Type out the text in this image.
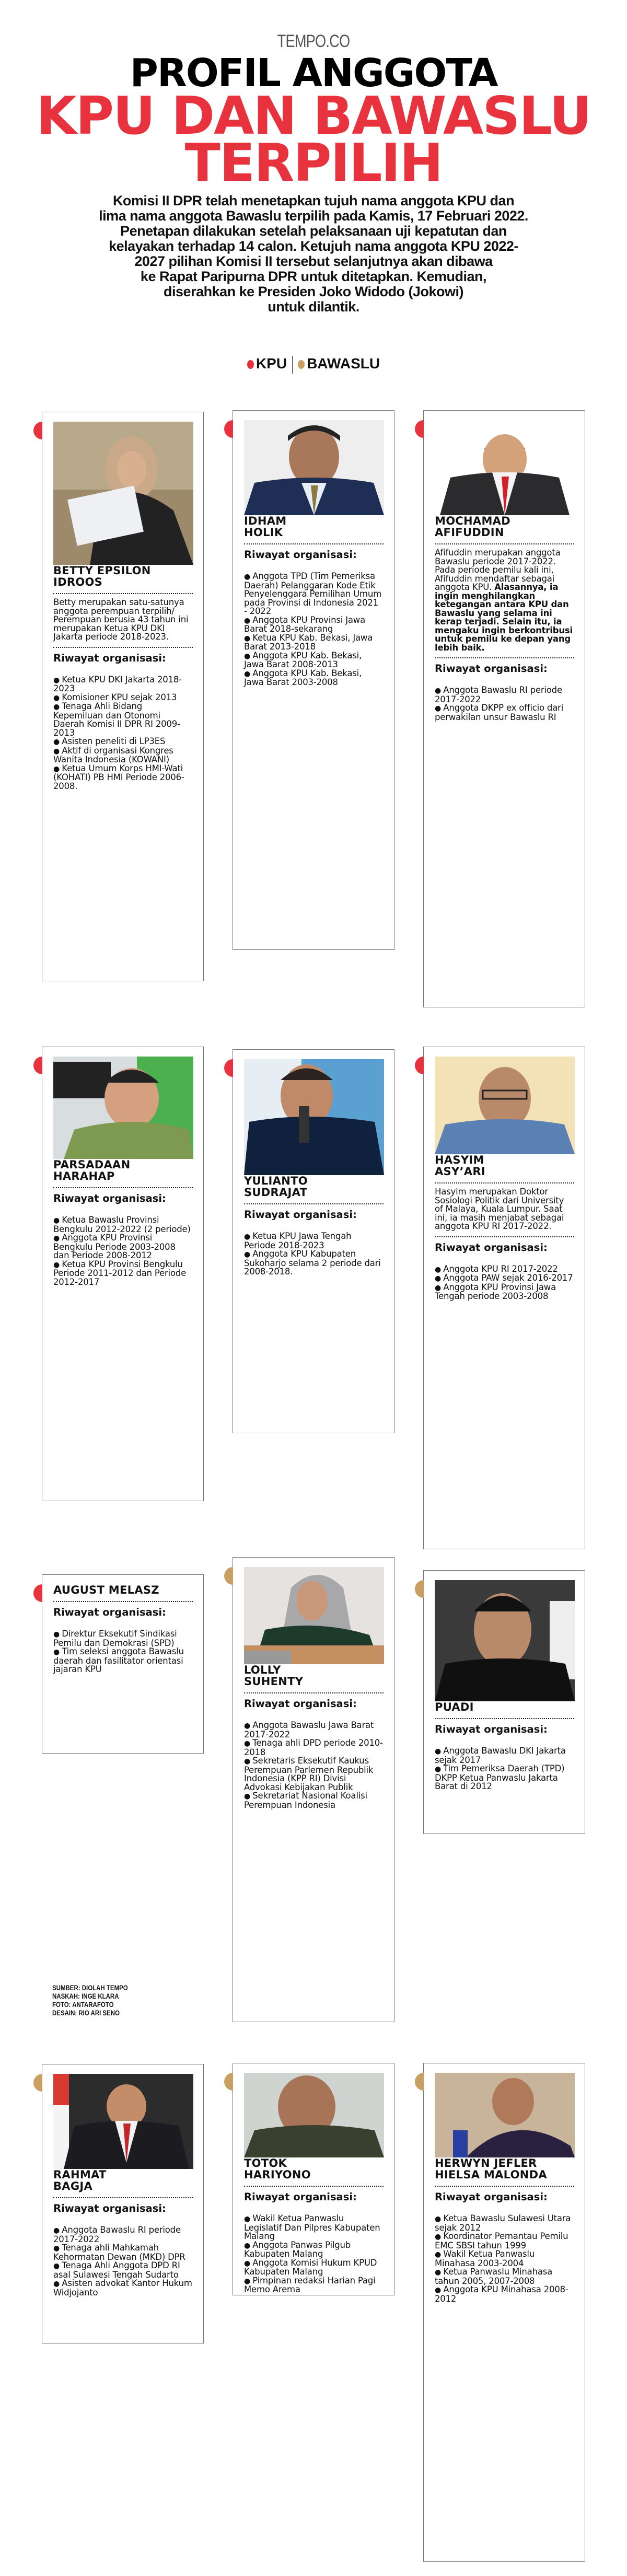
TEMPO.CO
PROFIL ANGGOTA
KPU DAN BAWASLU
TERPILIH
Komisi II DPR telah menetapkan tujuh nama anggota KPU dan
lima nama anggota Bawaslu terpilih pada Kamis, 17 Februari 2022.
Penetapan dilakukan setelah pelaksanaan uji kepatutan dan
kelayakan terhadap 14 calon. Ketujuh nama anggota KPU 2022-
2027 pilihan Komisi II tersebut selanjutnya akan dibawa
ke Rapat Paripurna DPR untuk ditetapkan. Kemudian,
diserahkan ke Presiden Joko Widodo (Jokowi)
untuk dilantik.
KPU BAWASLU
BETTY EPSILON
IDROOS

Betty merupakan satu-satunya anggota perempuan terpilih/ Perempuan berusia 43 tahun ini merupakan Ketua KPU DKI Jakarta periode 2018-2023.

Riwayat organisasi:
● Ketua KPU DKI Jakarta 2018-2023
● Komisioner KPU sejak 2013
● Tenaga Ahli Bidang Kepemiluan dan Otonomi Daerah Komisi II DPR RI 2009-2013
● Asisten peneliti di LP3ES
● Aktif di organisasi Kongres Wanita Indonesia (KOWANI)
● Ketua Umum Korps HMI-Wati (KOHATI) PB HMI Periode 2006-2008.
IDHAM
HOLIK
Riwayat organisasi:
● Anggota TPD (Tim Pemeriksa Daerah) Pelanggaran Kode Etik Penyelenggara Pemilihan Umum pada Provinsi di Indonesia 2021 - 2022
● Anggota KPU Provinsi Jawa Barat 2018-sekarang
● Ketua KPU Kab. Bekasi, Jawa Barat 2013-2018
● Anggota KPU Kab. Bekasi, Jawa Barat 2008-2013
● Anggota KPU Kab. Bekasi, Jawa Barat 2003-2008
MOCHAMAD
AFIFUDDIN

Afifuddin merupakan anggota Bawaslu periode 2017-2022. Pada periode pemilu kali ini, Afifuddin mendaftar sebagai anggota KPU. Alasannya, ia ingin menghilangkan ketegangan antara KPU dan Bawaslu yang selama ini kerap terjadi. Selain itu, ia mengaku ingin berkontribusi untuk pemilu ke depan yang lebih baik.

Riwayat organisasi:
● Anggota Bawaslu RI periode 2017-2022
● Anggota DKPP ex officio dari perwakilan unsur Bawaslu RI
PARSADAAN
HARAHAP
Riwayat organisasi:
● Ketua Bawaslu Provinsi Bengkulu 2012-2022 (2 periode)
● Anggota KPU Provinsi Bengkulu Periode 2003-2008 dan Periode 2008-2012
● Ketua KPU Provinsi Bengkulu Periode 2011-2012 dan Periode 2012-2017
YULIANTO
SUDRAJAT
Riwayat organisasi:
● Ketua KPU Jawa Tengah Periode 2018-2023
● Anggota KPU Kabupaten Sukoharjo selama 2 periode dari 2008-2018.
HASYIM
ASY’ARI

Hasyim merupakan Doktor Sosiologi Politik dari University of Malaya, Kuala Lumpur. Saat ini, ia masih menjabat sebagai anggota KPU RI 2017-2022.

Riwayat organisasi:
● Anggota KPU RI 2017-2022
● Anggota PAW sejak 2016-2017
● Anggota KPU Provinsi Jawa Tengah periode 2003-2008
AUGUST MELASZ
Riwayat organisasi:
● Direktur Eksekutif Sindikasi Pemilu dan Demokrasi (SPD)
● Tim seleksi anggota Bawaslu daerah dan fasilitator orientasi jajaran KPU	LOLLY
SUHENTY
Riwayat organisasi:
● Anggota Bawaslu Jawa Barat 2017-2022
● Tenaga ahli DPD periode 2010-2018
● Sekretaris Eksekutif Kaukus Perempuan Parlemen Republik Indonesia (KPP RI) Divisi Advokasi Kebijakan Publik
● Sekretariat Nasional Koalisi Perempuan Indonesia
PUADI
Riwayat organisasi:
● Anggota Bawaslu DKI Jakarta sejak 2017
● Tim Pemeriksa Daerah (TPD) DKPP Ketua Panwaslu Jakarta Barat di 2012
SUMBER: DIOLAH TEMPO
NASKAH: INGE KLARA
FOTO: ANTARAFOTO
DESAIN: RIO ARI SENO
RAHMAT
BAGJA
Riwayat organisasi:
● Anggota Bawaslu RI periode 2017-2022
● Tenaga ahli Mahkamah Kehormatan Dewan (MKD) DPR
● Tenaga Ahli Anggota DPD RI asal Sulawesi Tengah Sudarto
● Asisten advokat Kantor Hukum Widjojanto
TOTOK
HARIYONO
Riwayat organisasi:
● Wakil Ketua Panwaslu Legislatif Dan Pilpres Kabupaten Malang
● Anggota Panwas Pilgub Kabupaten Malang
● Anggota Komisi Hukum KPUD Kabupaten Malang
● Pimpinan redaksi Harian Pagi Memo Arema
HERWYN JEFLER
HIELSA MALONDA
Riwayat organisasi:
● Ketua Bawaslu Sulawesi Utara sejak 2012
● Koordinator Pemantau Pemilu EMC SBSI tahun 1999
● Wakil Ketua Panwaslu Minahasa 2003-2004
● Ketua Panwaslu Minahasa tahun 2005, 2007-2008
● Anggota KPU Minahasa 2008-2012
